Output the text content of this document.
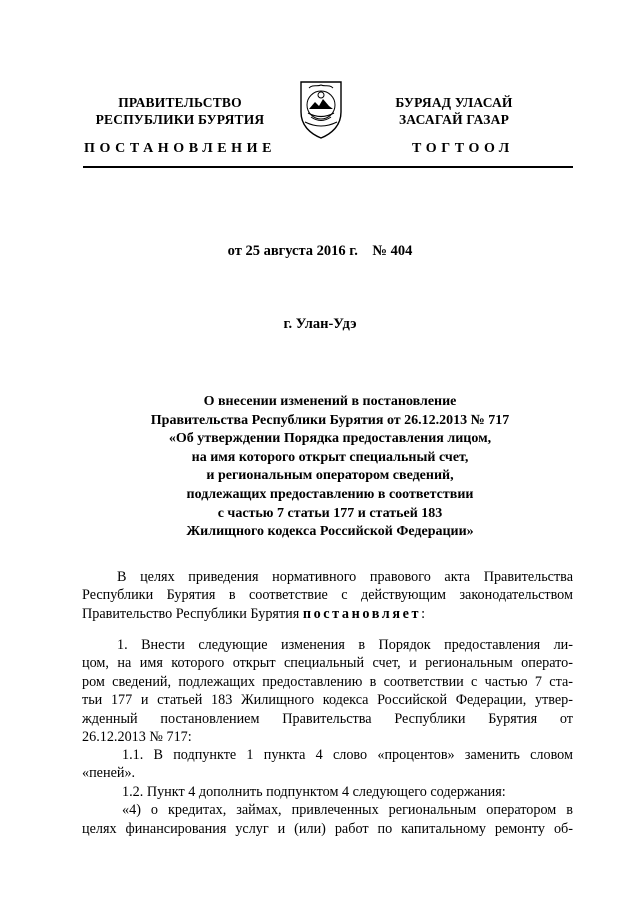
ПРАВИТЕЛЬСТВО
РЕСПУБЛИКИ БУРЯТИЯ
БУРЯАД УЛАСАЙ
ЗАСАГАЙ ГАЗАР
ПОСТАНОВЛЕНИЕ	ТОГТООЛ
от 25 августа 2016 г. № 404
г. Улан-Удэ
О внесении изменений в постановление
Правительства Республики Бурятия от 26.12.2013 № 717
«Об утверждении Порядка предоставления лицом,
на имя которого открыт специальный счет,
и региональным оператором сведений,
подлежащих предоставлению в соответствии
с частью 7 статьи 177 и статьей 183
Жилищного кодекса Российской Федерации»
В целях приведения нормативного правового акта Правительства
Республики Бурятия в соответствие с действующим законодательством
Правительство Республики Бурятия постановляет:
1. Внести следующие изменения в Порядок предоставления ли-
цом, на имя которого открыт специальный счет, и региональным операто-
ром сведений, подлежащих предоставлению в соответствии с частью 7 ста-
тьи 177 и статьей 183 Жилищного кодекса Российской Федерации, утвер-
жденный постановлением Правительства Республики Бурятия от
26.12.2013 № 717:
1.1. В подпункте 1 пункта 4 слово «процентов» заменить словом
«пеней».
1.2. Пункт 4 дополнить подпунктом 4 следующего содержания:
«4) о кредитах, займах, привлеченных региональным оператором в
целях финансирования услуг и (или) работ по капитальному ремонту об-
